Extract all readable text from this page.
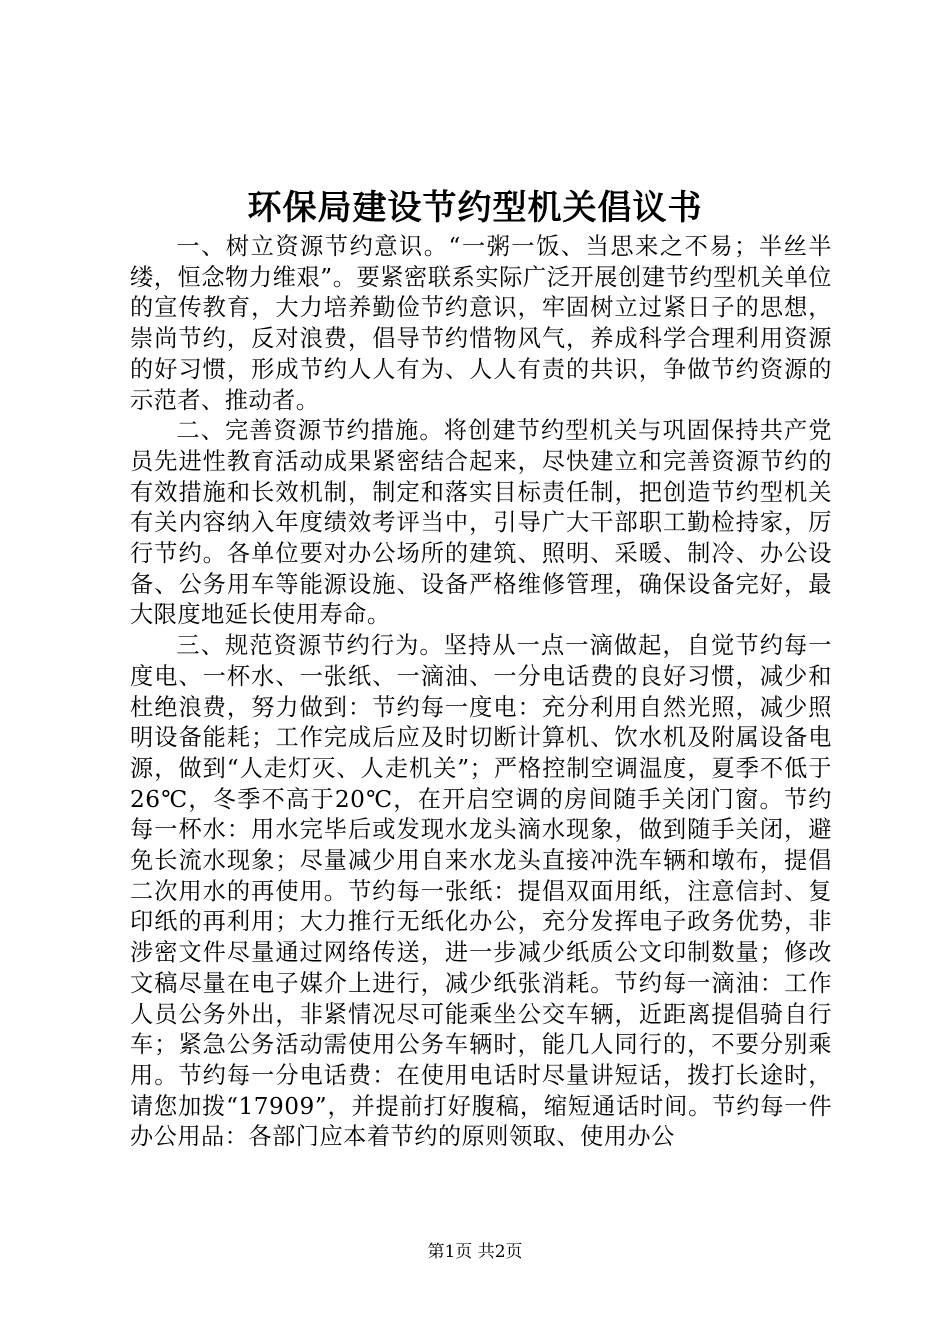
环保局建设节约型机关倡议书

一、树立资源节约意识。“一粥一饭、当思来之不易；半丝半缕，恒念物力维艰”。要紧密联系实际广泛开展创建节约型机关单位的宣传教育，大力培养勤俭节约意识，牢固树立过紧日子的思想，崇尚节约，反对浪费，倡导节约惜物风气，养成科学合理利用资源的好习惯，形成节约人人有为、人人有责的共识，争做节约资源的示范者、推动者。

二、完善资源节约措施。将创建节约型机关与巩固保持共产党员先进性教育活动成果紧密结合起来，尽快建立和完善资源节约的有效措施和长效机制，制定和落实目标责任制，把创造节约型机关有关内容纳入年度绩效考评当中，引导广大干部职工勤检持家，厉行节约。各单位要对办公场所的建筑、照明、采暖、制冷、办公设备、公务用车等能源设施、设备严格维修管理，确保设备完好，最大限度地延长使用寿命。

三、规范资源节约行为。坚持从一点一滴做起，自觉节约每一度电、一杯水、一张纸、一滴油、一分电话费的良好习惯，减少和杜绝浪费，努力做到：节约每一度电：充分利用自然光照，减少照明设备能耗；工作完成后应及时切断计算机、饮水机及附属设备电源，做到“人走灯灭、人走机关”；严格控制空调温度，夏季不低于26℃，冬季不高于20℃，在开启空调的房间随手关闭门窗。节约每一杯水：用水完毕后或发现水龙头滴水现象，做到随手关闭，避免长流水现象；尽量减少用自来水龙头直接冲洗车辆和墩布，提倡二次用水的再使用。节约每一张纸：提倡双面用纸，注意信封、复印纸的再利用；大力推行无纸化办公，充分发挥电子政务优势，非涉密文件尽量通过网络传送，进一步减少纸质公文印制数量；修改文稿尽量在电子媒介上进行，减少纸张消耗。节约每一滴油：工作人员公务外出，非紧情况尽可能乘坐公交车辆，近距离提倡骑自行车；紧急公务活动需使用公务车辆时，能几人同行的，不要分别乘用。节约每一分电话费：在使用电话时尽量讲短话，拨打长途时，请您加拨“17909”，并提前打好腹稿，缩短通话时间。节约每一件办公用品：各部门应本着节约的原则领取、使用办公

第1页 共2页
